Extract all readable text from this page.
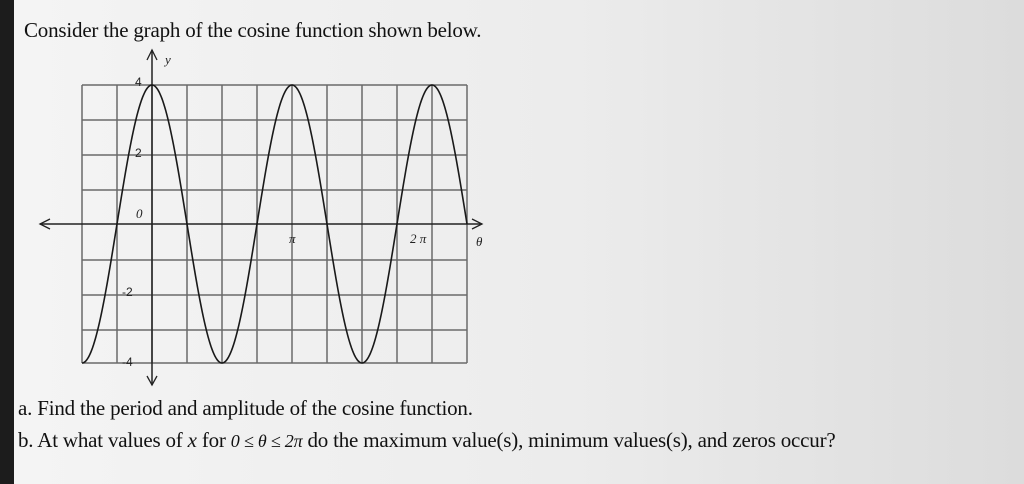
Consider the graph of the cosine function shown below.
y
θ
0
4
2
-2
-4
π	2 π
a. Find the period and amplitude of the cosine function.
b. At what values of x for 0 ≤ θ ≤ 2π do the maximum value(s), minimum values(s), and zeros occur?
